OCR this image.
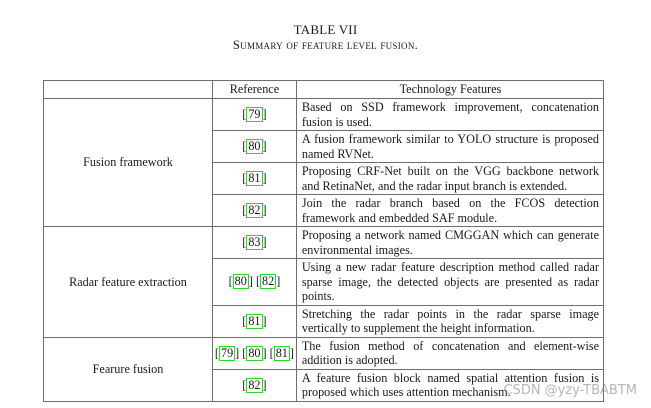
TABLE VII
Summary of feature level fusion.
	Reference	Technology Features
Fusion framework	[ 79 ]	Based on SSD framework improvement, concatenation fusion is used.

	[ 80 ]	A fusion framework similar to YOLO structure is proposed named RVNet.

	[ 81 ]	Proposing CRF-Net built on the VGG backbone network and RetinaNet, and the radar input branch is extended.

	[ 82 ]	Join the radar branch based on the FCOS detection framework and embedded SAF module.

Radar feature extraction	[ 83 ]	Proposing a network named CMGGAN which can generate environmental images.

	[ 80 ] [ 82 ]	Using a new radar feature description method called radar sparse image, the detected objects are presented as radar points.

	[ 81 ]	Stretching the radar points in the radar sparse image vertically to supplement the height information.

Fearure fusion	[ 79 ] [ 80 ] [ 81 ]	The fusion method of concatenation and element-wise addition is adopted.

	[ 82 ]	A feature fusion block named spatial attention fusion is proposed which uses attention mechanism.
CSDN @yzy-TBABTM
